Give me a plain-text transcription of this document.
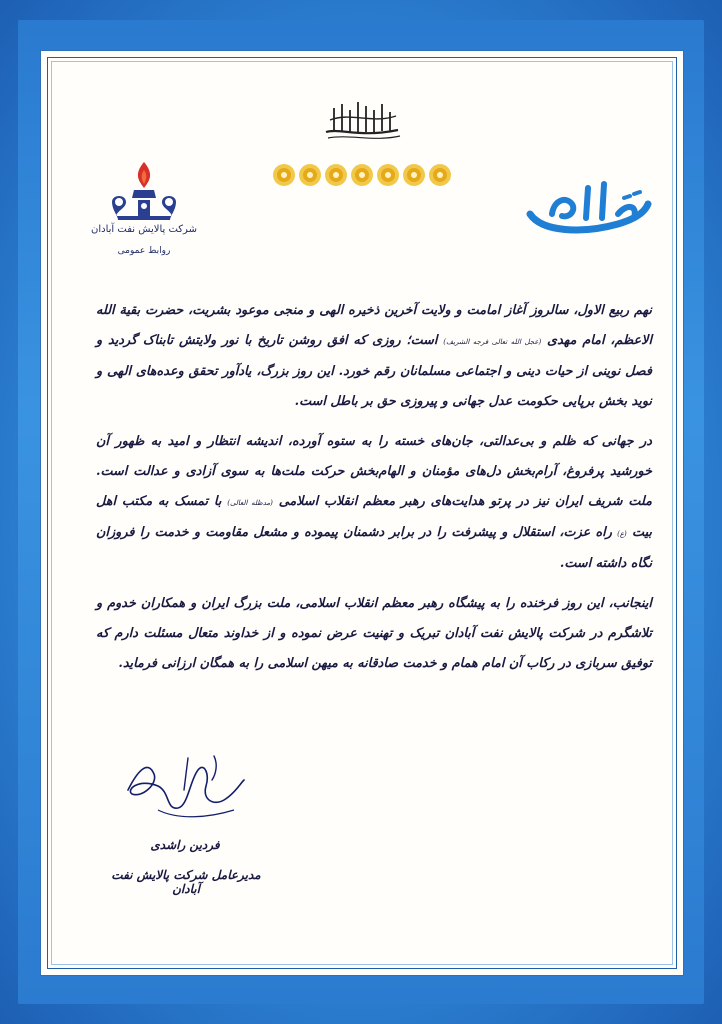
شرکت پالایش نفت آبادان
روابط عمومی

نهم ربیع الاول، سالروز آغاز امامت و ولایت آخرین ذخیره الهی و منجی موعود بشریت، حضرت بقیة الله الاعظم، امام مهدی (عجل الله تعالی فرجه الشریف) است؛ روزی که افق روشن تاریخ با نور ولایتش تابناک گردید و فصل نوینی از حیات دینی و اجتماعی مسلمانان رقم خورد. این روز بزرگ، یادآور تحقق وعده‌های الهی و نوید بخش برپایی حکومت عدل جهانی و پیروزی حق بر باطل است.

در جهانی که ظلم و بی‌عدالتی، جان‌های خسته را به ستوه آورده، اندیشه انتظار و امید به ظهور آن خورشید پرفروغ، آرام‌بخش دل‌های مؤمنان و الهام‌بخش حرکت ملت‌ها به سوی آزادی و عدالت است. ملت شریف ایران نیز در پرتو هدایت‌های رهبر معظم انقلاب اسلامی (مدظله العالی) با تمسک به مکتب اهل بیت (ع) راه عزت، استقلال و پیشرفت را در برابر دشمنان پیموده و مشعل مقاومت و خدمت را فروزان نگاه داشته است.

اینجانب، این روز فرخنده را به پیشگاه رهبر معظم انقلاب اسلامی، ملت بزرگ ایران و همکاران خدوم و تلاشگرم در شرکت پالایش نفت آبادان تبریک و تهنیت عرض نموده و از خداوند متعال مسئلت دارم که توفیق سربازی در رکاب آن امام همام و خدمت صادقانه به میهن اسلامی را به همگان ارزانی فرماید.

فردین راشدی
مدیرعامل شرکت پالایش نفت آبادان
